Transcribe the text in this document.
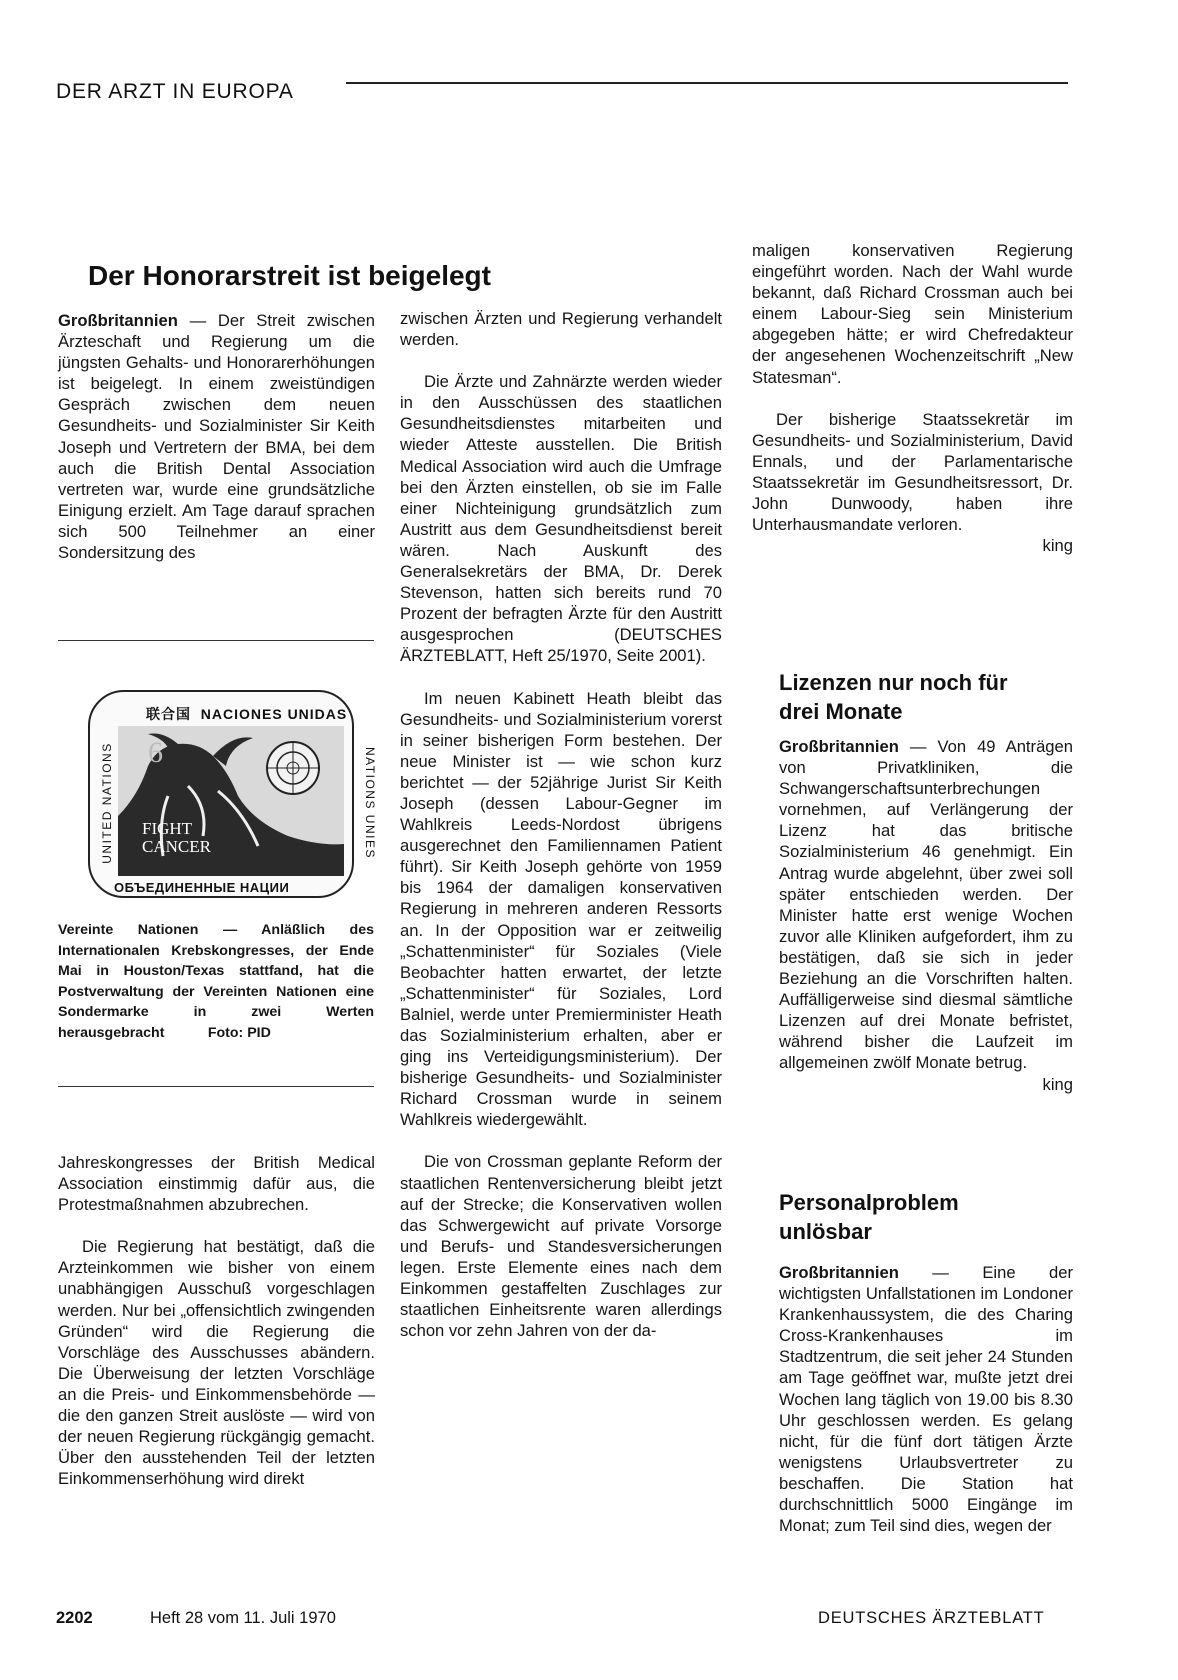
DER ARZT IN EUROPA
Der Honorarstreit ist beigelegt

Großbritannien — Der Streit zwischen Ärzteschaft und Regierung um die jüngsten Gehalts- und Honorarerhöhungen ist beigelegt. In einem zweistündigen Gespräch zwischen dem neuen Gesundheits- und Sozialminister Sir Keith Joseph und Vertretern der BMA, bei dem auch die British Dental Association vertreten war, wurde eine grundsätzliche Einigung erzielt. Am Tage darauf sprachen sich 500 Teilnehmer an einer Sondersitzung des

联合国 NACIONES UNIDAS
UNITED NATIONS	NATIONS UNIES
6
FIGHT
CANCER
ОБЪЕДИНЕННЫЕ НАЦИИ

Vereinte Nationen — Anläßlich des Internationalen Krebskongresses, der Ende Mai in Houston/Texas stattfand, hat die Postverwaltung der Vereinten Nationen eine Sondermarke in zwei Werten herausgebracht	Foto: PID

Jahreskongresses der British Medical Association einstimmig dafür aus, die Protestmaßnahmen abzubrechen.

Die Regierung hat bestätigt, daß die Arzteinkommen wie bisher von einem unabhängigen Ausschuß vorgeschlagen werden. Nur bei „offensichtlich zwingenden Gründen“ wird die Regierung die Vorschläge des Ausschusses abändern. Die Überweisung der letzten Vorschläge an die Preis- und Einkommensbehörde — die den ganzen Streit auslöste — wird von der neuen Regierung rückgängig gemacht. Über den ausstehenden Teil der letzten Einkommenserhöhung wird direkt

zwischen Ärzten und Regierung verhandelt werden.

Die Ärzte und Zahnärzte werden wieder in den Ausschüssen des staatlichen Gesundheitsdienstes mitarbeiten und wieder Atteste ausstellen. Die British Medical Association wird auch die Umfrage bei den Ärzten einstellen, ob sie im Falle einer Nichteinigung grundsätzlich zum Austritt aus dem Gesundheitsdienst bereit wären. Nach Auskunft des Generalsekretärs der BMA, Dr. Derek Stevenson, hatten sich bereits rund 70 Prozent der befragten Ärzte für den Austritt ausgesprochen (DEUTSCHES ÄRZTEBLATT, Heft 25/1970, Seite 2001).

Im neuen Kabinett Heath bleibt das Gesundheits- und Sozialministerium vorerst in seiner bisherigen Form bestehen. Der neue Minister ist — wie schon kurz berichtet — der 52jährige Jurist Sir Keith Joseph (dessen Labour-Gegner im Wahlkreis Leeds-Nordost übrigens ausgerechnet den Familiennamen Patient führt). Sir Keith Joseph gehörte von 1959 bis 1964 der damaligen konservativen Regierung in mehreren anderen Ressorts an. In der Opposition war er zeitweilig „Schattenminister“ für Soziales (Viele Beobachter hatten erwartet, der letzte „Schattenminister“ für Soziales, Lord Balniel, werde unter Premierminister Heath das Sozialministerium erhalten, aber er ging ins Verteidigungsministerium). Der bisherige Gesundheits- und Sozialminister Richard Crossman wurde in seinem Wahlkreis wiedergewählt.

Die von Crossman geplante Reform der staatlichen Rentenversicherung bleibt jetzt auf der Strecke; die Konservativen wollen das Schwergewicht auf private Vorsorge und Berufs- und Standesversicherungen legen. Erste Elemente eines nach dem Einkommen gestaffelten Zuschlages zur staatlichen Einheitsrente waren allerdings schon vor zehn Jahren von der da-

maligen konservativen Regierung eingeführt worden. Nach der Wahl wurde bekannt, daß Richard Crossman auch bei einem Labour-Sieg sein Ministerium abgegeben hätte; er wird Chefredakteur der angesehenen Wochenzeitschrift „New Statesman“.

Der bisherige Staatssekretär im Gesundheits- und Sozialministerium, David Ennals, und der Parlamentarische Staatssekretär im Gesundheitsressort, Dr. John Dunwoody, haben ihre Unterhausmandate verloren.

king

Lizenzen nur noch für drei Monate

Großbritannien — Von 49 Anträgen von Privatkliniken, die Schwangerschaftsunterbrechungen vornehmen, auf Verlängerung der Lizenz hat das britische Sozialministerium 46 genehmigt. Ein Antrag wurde abgelehnt, über zwei soll später entschieden werden. Der Minister hatte erst wenige Wochen zuvor alle Kliniken aufgefordert, ihm zu bestätigen, daß sie sich in jeder Beziehung an die Vorschriften halten. Auffälligerweise sind diesmal sämtliche Lizenzen auf drei Monate befristet, während bisher die Laufzeit im allgemeinen zwölf Monate betrug.

king

Personalproblem unlösbar

Großbritannien — Eine der wichtigsten Unfallstationen im Londoner Krankenhaussystem, die des Charing Cross-Krankenhauses im Stadtzentrum, die seit jeher 24 Stunden am Tage geöffnet war, mußte jetzt drei Wochen lang täglich von 19.00 bis 8.30 Uhr geschlossen werden. Es gelang nicht, für die fünf dort tätigen Ärzte wenigstens Urlaubsvertreter zu beschaffen. Die Station hat durchschnittlich 5000 Eingänge im Monat; zum Teil sind dies, wegen der

2202	Heft 28 vom 11. Juli 1970	DEUTSCHES ÄRZTEBLATT
